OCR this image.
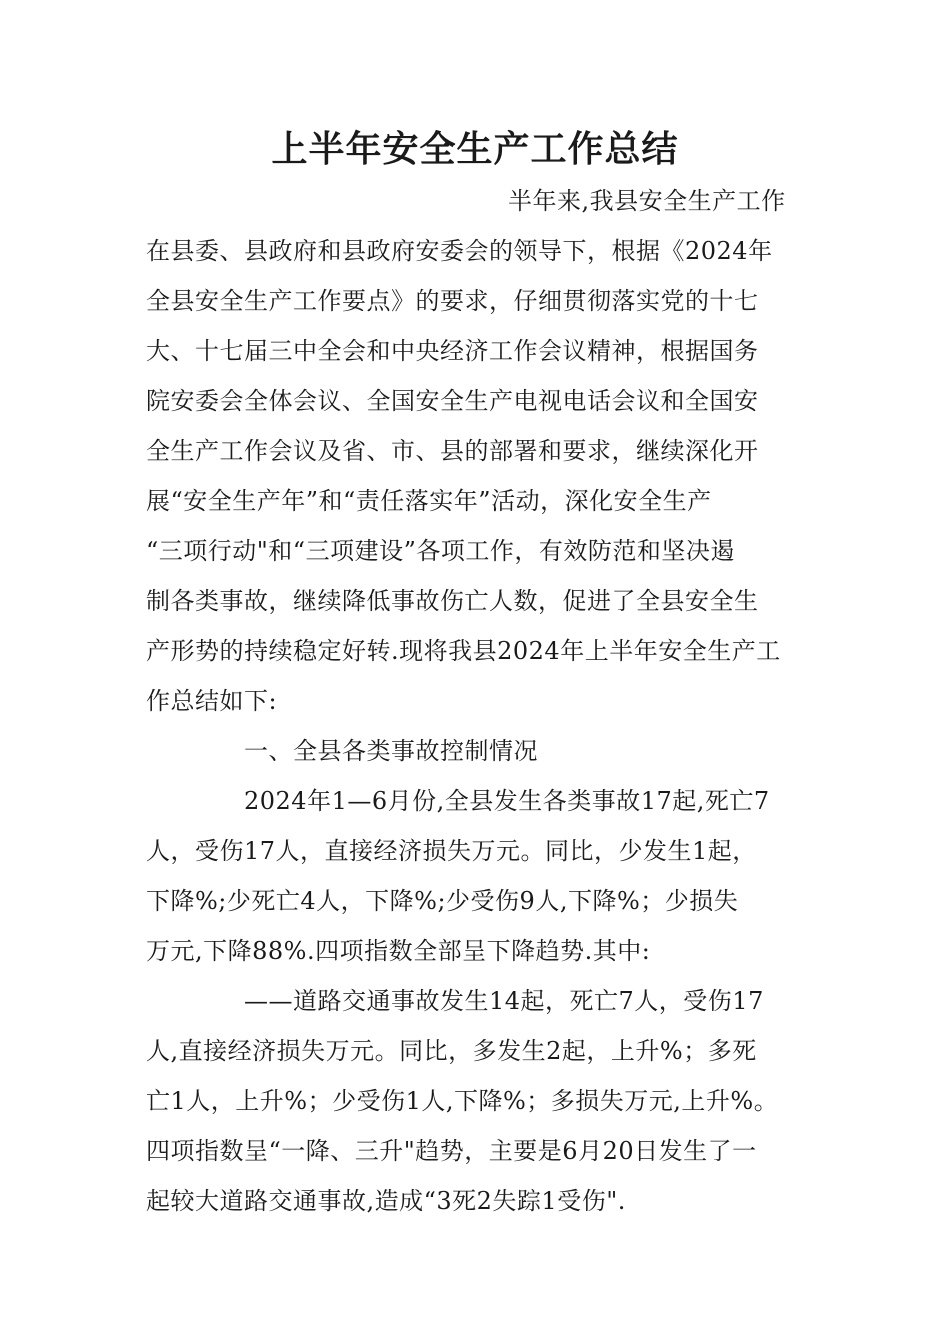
上半年安全生产工作总结

半年来,我县安全生产工作

在县委、县政府和县政府安委会的领导下，根据《2024年

全县安全生产工作要点》的要求，仔细贯彻落实党的十七

大、十七届三中全会和中央经济工作会议精神，根据国务

院安委会全体会议、全国安全生产电视电话会议和全国安

全生产工作会议及省、市、县的部署和要求，继续深化开

展“安全生产年”和“责任落实年”活动，深化安全生产

“三项行动"和“三项建设”各项工作，有效防范和坚决遏

制各类事故，继续降低事故伤亡人数，促进了全县安全生

产形势的持续稳定好转.现将我县2024年上半年安全生产工

作总结如下:

一、全县各类事故控制情况

2024年1—6月份,全县发生各类事故17起,死亡7

人，受伤17人，直接经济损失万元。同比，少发生1起，

下降%;少死亡4人，下降%;少受伤9人,下降%；少损失

万元,下降88%.四项指数全部呈下降趋势.其中:

——道路交通事故发生14起，死亡7人，受伤17

人,直接经济损失万元。同比，多发生2起，上升%；多死

亡1人，上升%；少受伤1人,下降%；多损失万元,上升%。

四项指数呈“一降、三升"趋势，主要是6月20日发生了一

起较大道路交通事故,造成“3死2失踪1受伤".
